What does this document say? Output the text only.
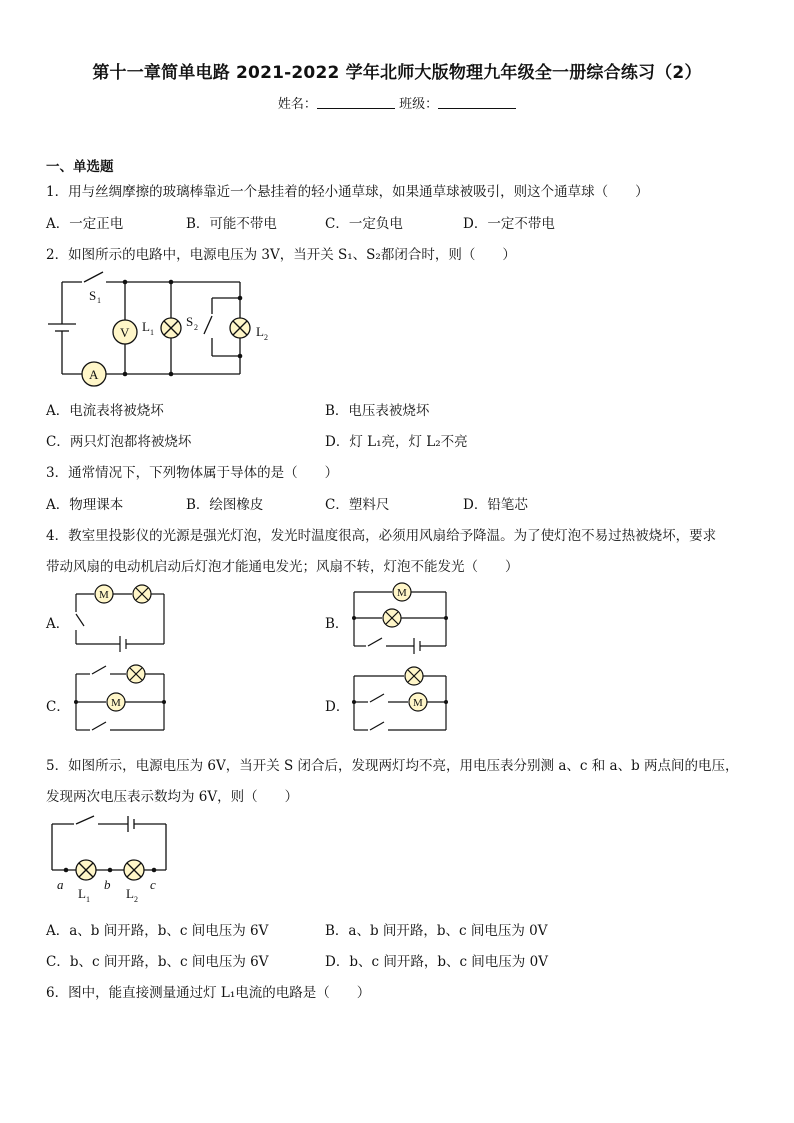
第十一章简单电路 2021-2022 学年北师大版物理九年级全一册综合练习（2）
姓名：	班级：
一、单选题
1．用与丝绸摩擦的玻璃棒靠近一个悬挂着的轻小通草球，如果通草球被吸引，则这个通草球（　　）
A．一定正电	B．可能不带电	C．一定负电	D．一定不带电
2．如图所示的电路中，电源电压为 3V，当开关 S₁、S₂都闭合时，则（　　）
V
A
S 1
L 1
S 2	L 2
A．电流表将被烧坏	B．电压表被烧坏
C．两只灯泡都将被烧坏	D．灯 L₁亮，灯 L₂不亮
3．通常情况下，下列物体属于导体的是（　　）
A．物理课本	B．绘图橡皮	C．塑料尺	D．铅笔芯
4．教室里投影仪的光源是强光灯泡，发光时温度很高，必须用风扇给予降温。为了使灯泡不易过热被烧坏，要求
带动风扇的电动机启动后灯泡才能通电发光；风扇不转，灯泡不能发光（　　）
A．
M
B．
M
C．	M	D．	M
5．如图所示，电源电压为 6V，当开关 S 闭合后，发现两灯均不亮，用电压表分别测 a、c 和 a、b 两点间的电压，
发现两次电压表示数均为 6V，则（　　）
a	b	c
L 1	L 2
A．a、b 间开路，b、c 间电压为 6V	B．a、b 间开路，b、c 间电压为 0V
C．b、c 间开路，b、c 间电压为 6V	D．b、c 间开路，b、c 间电压为 0V
6．图中，能直接测量通过灯 L₁电流的电路是（　　）
